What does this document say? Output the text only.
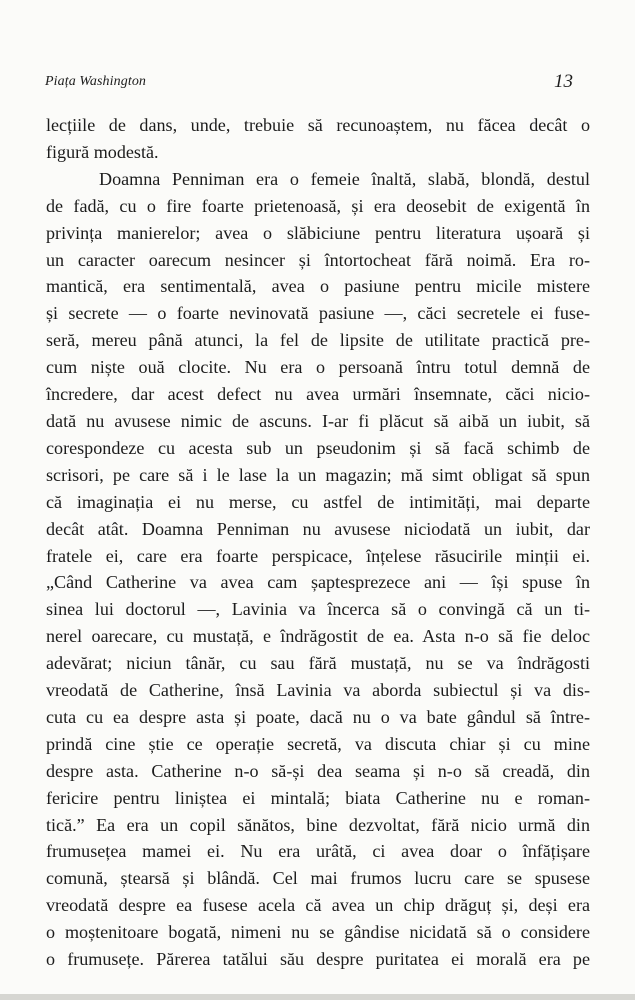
Piața Washington	13
lecțiile de dans, unde, trebuie să recunoaștem, nu făcea decât o
figură modestă.
Doamna Penniman era o femeie înaltă, slabă, blondă, destul
de fadă, cu o fire foarte prietenoasă, și era deosebit de exigentă în
privința manierelor; avea o slăbiciune pentru literatura ușoară și
un caracter oarecum nesincer și întortocheat fără noimă. Era ro-
mantică, era sentimentală, avea o pasiune pentru micile mistere
și secrete — o foarte nevinovată pasiune —, căci secretele ei fuse-
seră, mereu până atunci, la fel de lipsite de utilitate practică pre-
cum niște ouă clocite. Nu era o persoană întru totul demnă de
încredere, dar acest defect nu avea urmări însemnate, căci nicio-
dată nu avusese nimic de ascuns. I-ar fi plăcut să aibă un iubit, să
corespondeze cu acesta sub un pseudonim și să facă schimb de
scrisori, pe care să i le lase la un magazin; mă simt obligat să spun
că imaginația ei nu merse, cu astfel de intimități, mai departe
decât atât. Doamna Penniman nu avusese niciodată un iubit, dar
fratele ei, care era foarte perspicace, înțelese răsucirile minții ei.
„Când Catherine va avea cam șaptesprezece ani — își spuse în
sinea lui doctorul —, Lavinia va încerca să o convingă că un ti-
nerel oarecare, cu mustață, e îndrăgostit de ea. Asta n-o să fie deloc
adevărat; niciun tânăr, cu sau fără mustață, nu se va îndrăgosti
vreodată de Catherine, însă Lavinia va aborda subiectul și va dis-
cuta cu ea despre asta și poate, dacă nu o va bate gândul să între-
prindă cine știe ce operație secretă, va discuta chiar și cu mine
despre asta. Catherine n-o să-și dea seama și n-o să creadă, din
fericire pentru liniștea ei mintală; biata Catherine nu e roman-
tică.” Ea era un copil sănătos, bine dezvoltat, fără nicio urmă din
frumusețea mamei ei. Nu era urâtă, ci avea doar o înfățișare
comună, ștearsă și blândă. Cel mai frumos lucru care se spusese
vreodată despre ea fusese acela că avea un chip drăguț și, deși era
o moștenitoare bogată, nimeni nu se gândise nicidată să o considere
o frumusețe. Părerea tatălui său despre puritatea ei morală era pe
